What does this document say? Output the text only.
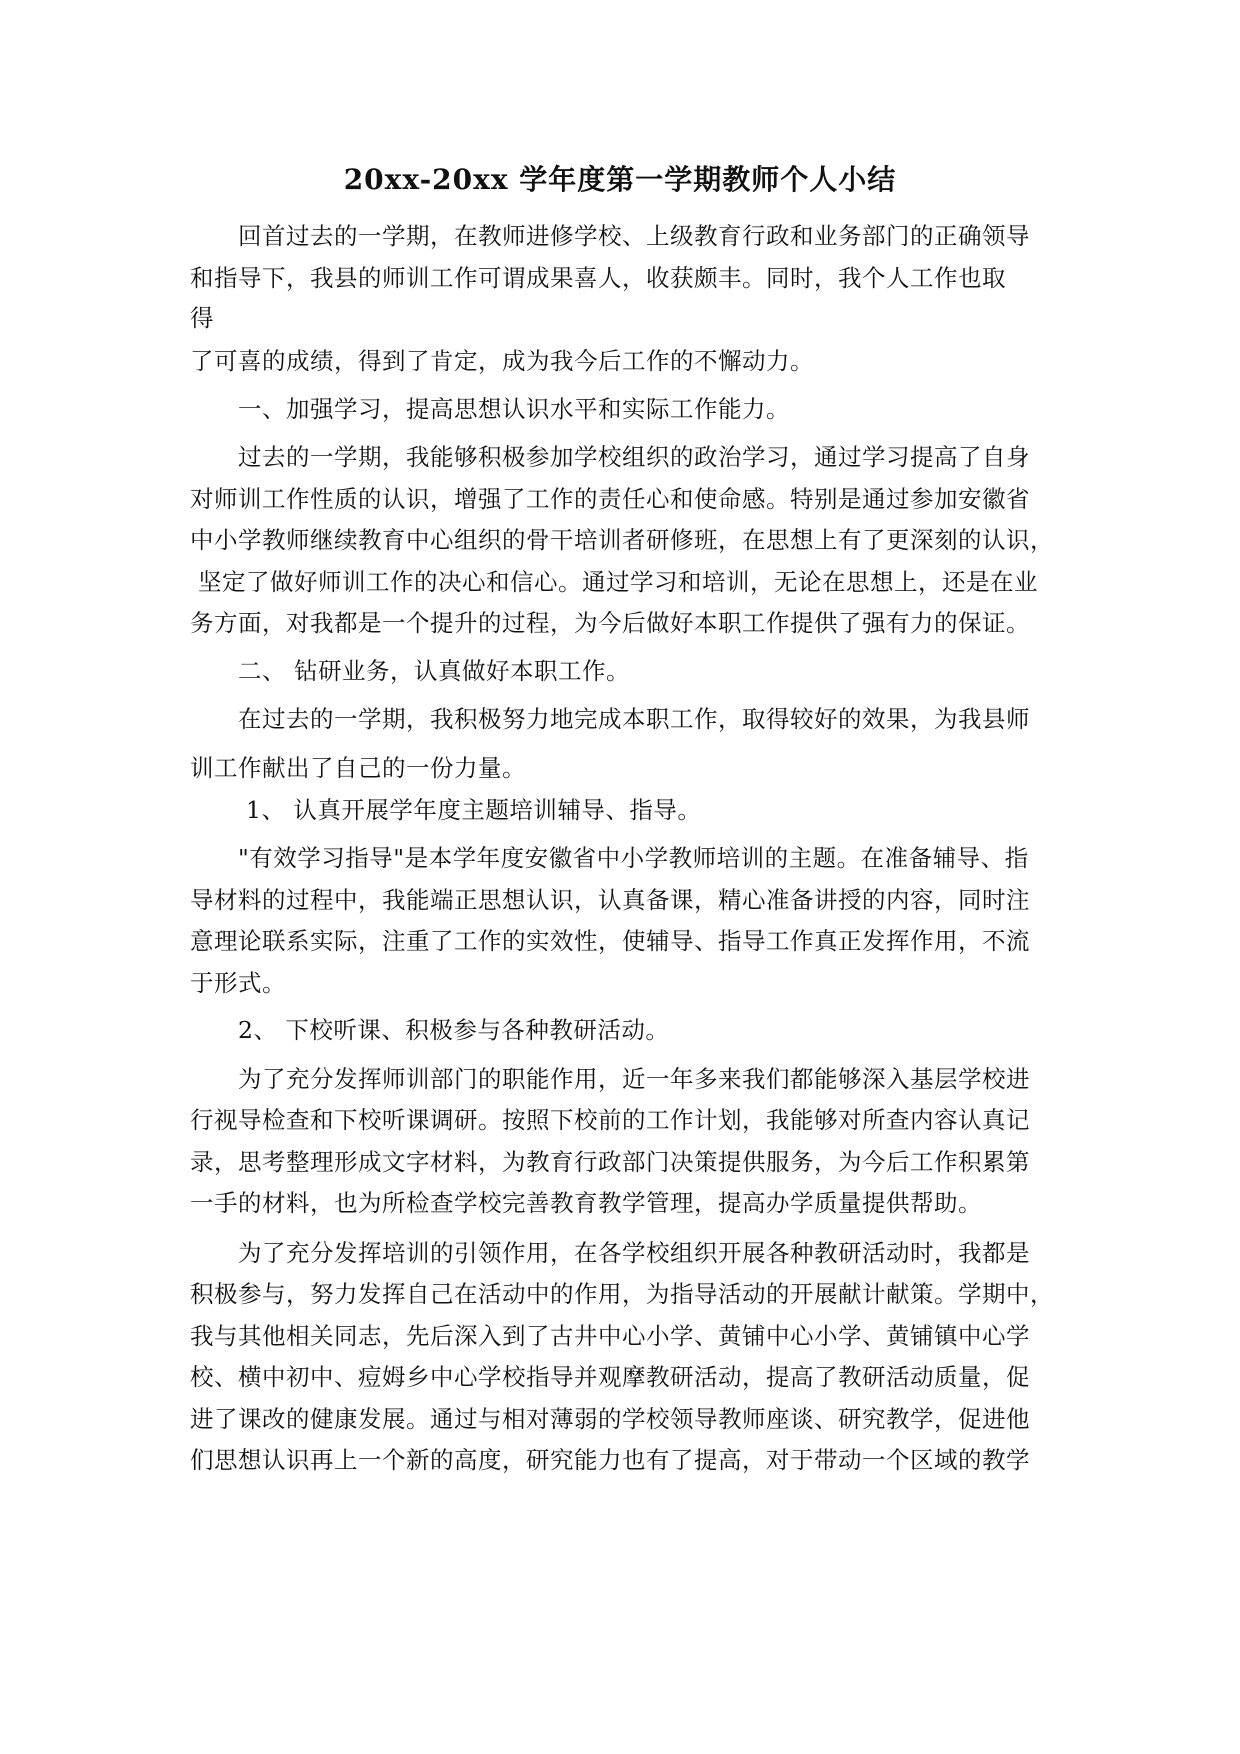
20xx-20xx 学年度第一学期教师个人小结
回首过去的一学期，在教师进修学校、上级教育行政和业务部门的正确领导
和指导下，我县的师训工作可谓成果喜人，收获颇丰。同时，我个人工作也取
得
了可喜的成绩，得到了肯定，成为我今后工作的不懈动力。
一、加强学习，提高思想认识水平和实际工作能力。
过去的一学期，我能够积极参加学校组织的政治学习，通过学习提高了自身
对师训工作性质的认识，增强了工作的责任心和使命感。特别是通过参加安徽省
中小学教师继续教育中心组织的骨干培训者研修班，在思想上有了更深刻的认识，
坚定了做好师训工作的决心和信心。通过学习和培训，无论在思想上，还是在业
务方面，对我都是一个提升的过程，为今后做好本职工作提供了强有力的保证。
二、 钻研业务，认真做好本职工作。
在过去的一学期，我积极努力地完成本职工作，取得较好的效果，为我县师
训工作献出了自己的一份力量。
1、 认真开展学年度主题培训辅导、指导。
"有效学习指导"是本学年度安徽省中小学教师培训的主题。在准备辅导、指
导材料的过程中，我能端正思想认识，认真备课，精心准备讲授的内容，同时注
意理论联系实际，注重了工作的实效性，使辅导、指导工作真正发挥作用，不流
于形式。
2、 下校听课、积极参与各种教研活动。
为了充分发挥师训部门的职能作用，近一年多来我们都能够深入基层学校进
行视导检查和下校听课调研。按照下校前的工作计划，我能够对所查内容认真记
录，思考整理形成文字材料，为教育行政部门决策提供服务，为今后工作积累第
一手的材料，也为所检查学校完善教育教学管理，提高办学质量提供帮助。
为了充分发挥培训的引领作用，在各学校组织开展各种教研活动时，我都是
积极参与，努力发挥自己在活动中的作用，为指导活动的开展献计献策。学期中，
我与其他相关同志，先后深入到了古井中心小学、黄铺中心小学、黄铺镇中心学
校、横中初中、痘姆乡中心学校指导并观摩教研活动，提高了教研活动质量，促
进了课改的健康发展。通过与相对薄弱的学校领导教师座谈、研究教学，促进他
们思想认识再上一个新的高度，研究能力也有了提高，对于带动一个区域的教学
